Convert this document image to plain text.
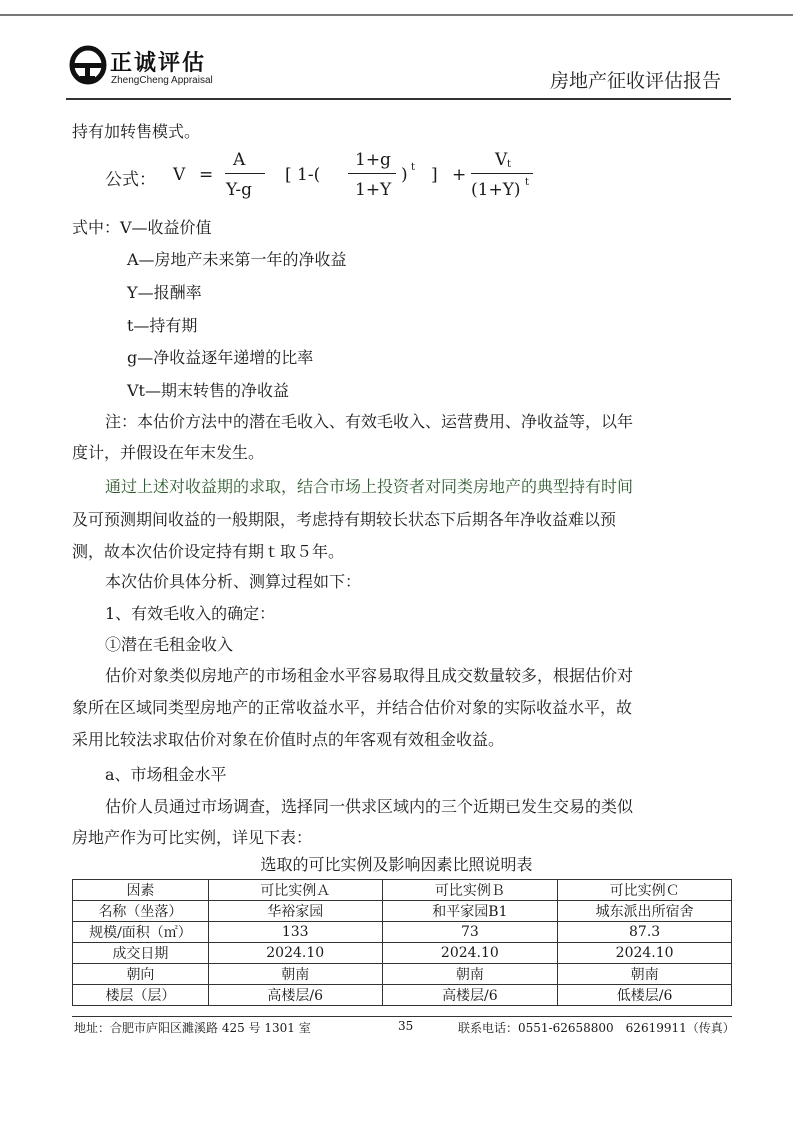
正诚评估
ZhengCheng Appraisal	房地产征收评估报告
持有加转售模式。
公式： V =
A
Y-g
[ 1-(
1+g
1+Y
) t ] +
V t
(1+Y) t
式中：V—收益价值
A—房地产未来第一年的净收益
Y—报酬率
t—持有期
g—净收益逐年递增的比率
Vt—期末转售的净收益
注：本估价方法中的潜在毛收入、有效毛收入、运营费用、净收益等，以年
度计，并假设在年末发生。
通过上述对收益期的求取，结合市场上投资者对同类房地产的典型持有时间
及可预测期间收益的一般期限，考虑持有期较长状态下后期各年净收益难以预
测，故本次估价设定持有期ｔ取５年。
本次估价具体分析、测算过程如下：
1、有效毛收入的确定：
①潜在毛租金收入
估价对象类似房地产的市场租金水平容易取得且成交数量较多，根据估价对
象所在区域同类型房地产的正常收益水平，并结合估价对象的实际收益水平，故
采用比较法求取估价对象在价值时点的年客观有效租金收益。
a、市场租金水平
估价人员通过市场调查，选择同一供求区域内的三个近期已发生交易的类似
房地产作为可比实例，详见下表：
选取的可比实例及影响因素比照说明表
因素	可比实例Ａ	可比实例Ｂ	可比实例Ｃ
名称（坐落）	华裕家园	和平家园B1	城东派出所宿舍
规模/面积（㎡）	133	73	87.3
成交日期	2024.10	2024.10	2024.10
朝向	朝南	朝南	朝南
楼层（层）	高楼层/6	高楼层/6	低楼层/6
地址：合肥市庐阳区濉溪路 425 号 1301 室	35	联系电话：0551-62658800　62619911（传真）
